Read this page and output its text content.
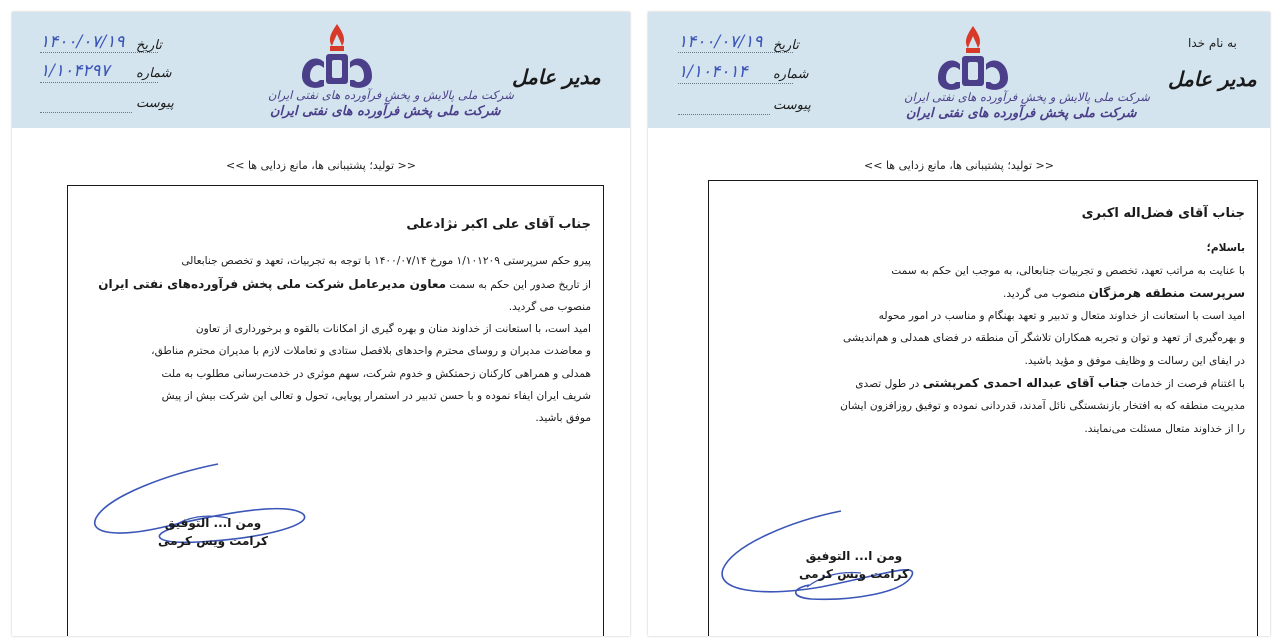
تاریخ
۱۴۰۰/۰۷/۱۹
شماره
۱/۱۰۴۲۹۷
پیوست
شرکت ملی پالایش و پخش فرآورده های نفتی ایران
شرکت ملی پخش فرآورده های نفتی ایران
مدیر عامل
<< تولید؛ پشتیبانی ها، مانع زدایی ها >>
جناب آقای علی اکبر نژادعلی
پیرو حکم سرپرستی ۱/۱۰۱۲۰۹ مورخ ۱۴۰۰/۰۷/۱۴ با توجه به تجربیات، تعهد و تخصص جنابعالی
از تاریخ صدور این حکم به سمت معاون مدیرعامل شرکت ملی پخش فرآورده‌های نفتی ایران
منصوب می گردید.
امید است، با استعانت از خداوند منان و بهره گیری از امکانات بالقوه و برخورداری از تعاون
و معاضدت مدیران و روسای محترم واحدهای بلافصل ستادی و تعاملات لازم با مدیران محترم مناطق،
همدلی و همراهی کارکنان زحمتکش و خدوم شرکت، سهم موثری در خدمت‌رسانی مطلوب به ملت
شریف ایران ایفاء نموده و با حسن تدبیر در استمرار پویایی، تحول و تعالی این شرکت بیش از پیش
موفق باشید.
ومن ا... التوفیق
کرامت ویس کرمی
به نام خدا
تاریخ
۱۴۰۰/۰۷/۱۹
شماره
۱/۱۰۴۰۱۴
پیوست
شرکت ملی پالایش و پخش فرآورده های نفتی ایران
شرکت ملی پخش فرآورده های نفتی ایران
مدیر عامل
<< تولید؛ پشتیبانی ها، مانع زدایی ها >>
جناب آقای فضل‌اله اکبری
باسلام؛
با عنایت به مراتب تعهد، تخصص و تجربیات جنابعالی، به موجب این حکم به سمت
سرپرست منطقه هرمزگان منصوب می گردید.
امید است با استعانت از خداوند متعال و تدبیر و تعهد بهنگام و مناسب در امور محوله
و بهره‌گیری از تعهد و توان و تجربه همکاران تلاشگر آن منطقه در فضای همدلی و هم‌اندیشی
در ایفای این رسالت و وظایف موفق و مؤید باشید.
با اغتنام فرصت از خدمات جناب آقای عبداله احمدی کمرپشتی در طول تصدی
مدیریت منطقه که به افتخار بازنشستگی نائل آمدند، قدردانی نموده و توفیق روزافزون ایشان
را از خداوند متعال مسئلت می‌نمایند.
ومن ا... التوفیق
کرامت ویس کرمی
